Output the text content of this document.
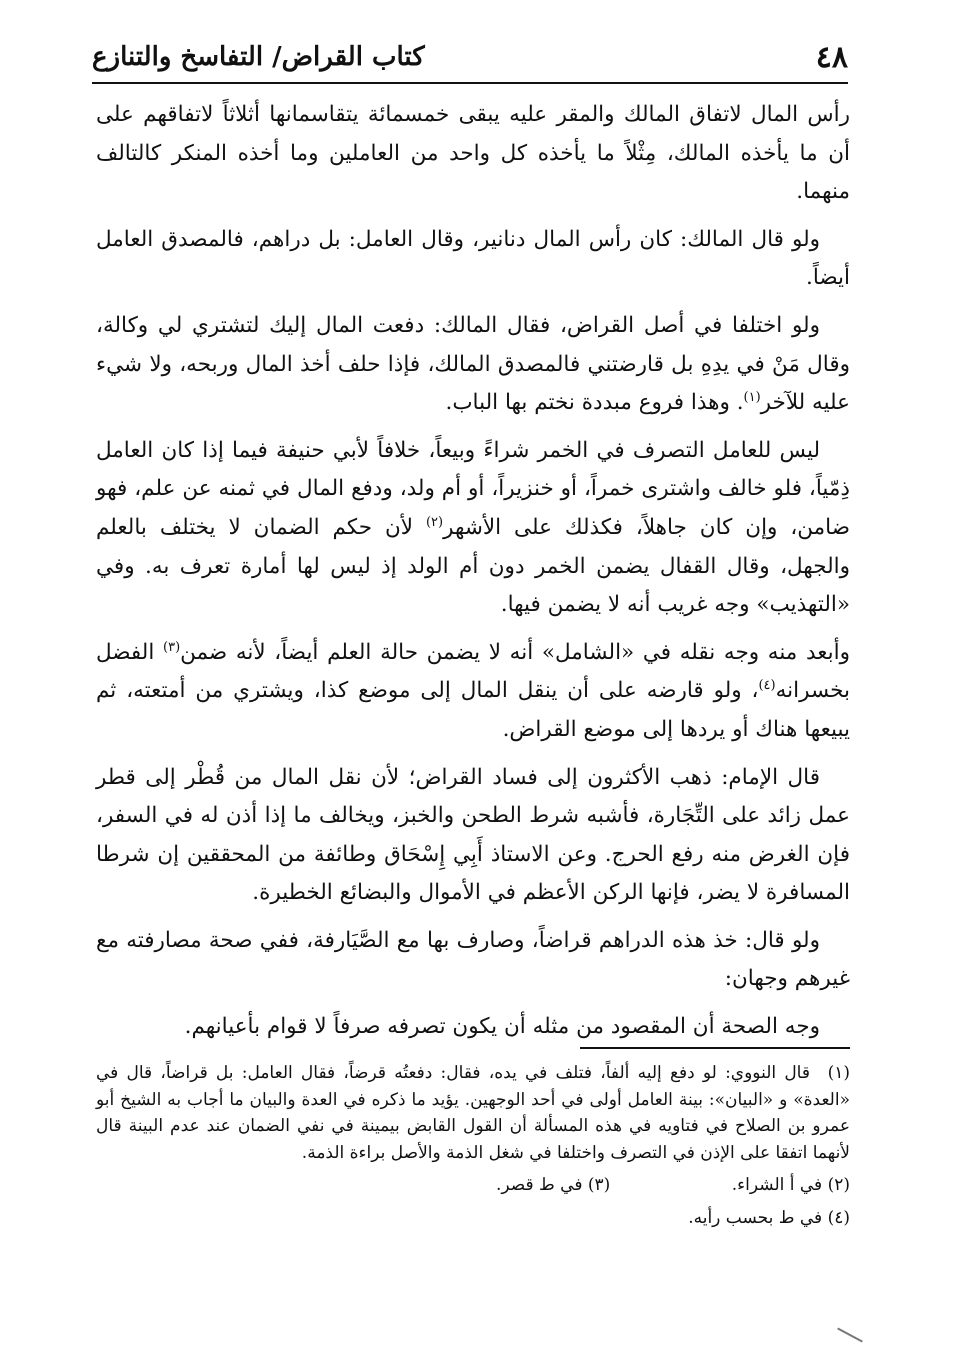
٤٨
كتاب القراض/ التفاسخ والتنازع

رأس المال لاتفاق المالك والمقر عليه يبقى خمسمائة يتقاسمانها أثلاثاً لاتفاقهم على أن ما يأخذه المالك، مِثْلاً ما يأخذه كل واحد من العاملين وما أخذه المنكر كالتالف منهما.

ولو قال المالك: كان رأس المال دنانير، وقال العامل: بل دراهم، فالمصدق العامل أيضاً.

ولو اختلفا في أصل القراض، فقال المالك: دفعت المال إليك لتشتري لي وكالة، وقال مَنْ في يدِهِ بل قارضتني فالمصدق المالك، فإذا حلف أخذ المال وربحه، ولا شيء عليه للآخر$^{(١)}$. وهذا فروع مبددة نختم بها الباب.

ليس للعامل التصرف في الخمر شراءً وبيعاً، خلافاً لأبي حنيفة فيما إذا كان العامل ذِمّياً، فلو خالف واشترى خمراً، أو خنزيراً، أو أم ولد، ودفع المال في ثمنه عن علم، فهو ضامن، وإن كان جاهلاً، فكذلك على الأشهر$^{(٢)}$ لأن حكم الضمان لا يختلف بالعلم والجهل، وقال القفال يضمن الخمر دون أم الولد إذ ليس لها أمارة تعرف به. وفي «التهذيب» وجه غريب أنه لا يضمن فيها.

وأبعد منه وجه نقله في «الشامل» أنه لا يضمن حالة العلم أيضاً، لأنه ضمن$^{(٣)}$ الفضل بخسرانه$^{(٤)}$، ولو قارضه على أن ينقل المال إلى موضع كذا، ويشتري من أمتعته، ثم يبيعها هناك أو يردها إلى موضع القراض.

قال الإمام: ذهب الأكثرون إلى فساد القراض؛ لأن نقل المال من قُطْر إلى قطر عمل زائد على التِّجَارة، فأشبه شرط الطحن والخبز، ويخالف ما إذا أذن له في السفر، فإن الغرض منه رفع الحرج. وعن الاستاذ أَبِي إِسْحَاق وطائفة من المحققين إن شرطا المسافرة لا يضر، فإنها الركن الأعظم في الأموال والبضائع الخطيرة.

ولو قال: خذ هذه الدراهم قراضاً، وصارف بها مع الصَّيَارفة، ففي صحة مصارفته مع غيرهم وجهان:

وجه الصحة أن المقصود من مثله أن يكون تصرفه صرفاً لا قوام بأعيانهم.

(١)قال النووي: لو دفع إليه ألفاً، فتلف في يده، فقال: دفعتُه قرضاً، فقال العامل: بل قراضاً، قال في «العدة» و «البيان»: بينة العامل أولى في أحد الوجهين. يؤيد ما ذكره في العدة والبيان ما أجاب به الشيخ أبو عمرو بن الصلاح في فتاويه في هذه المسألة أن القول القابض بيمينة في نفي الضمان عند عدم البينة قال لأنهما اتفقا على الإذن في التصرف واختلفا في شغل الذمة والأصل براءة الذمة.

(٢) في أ الشراء.
(٣) في ط قصر.

(٤) في ط بحسب رأيه.
